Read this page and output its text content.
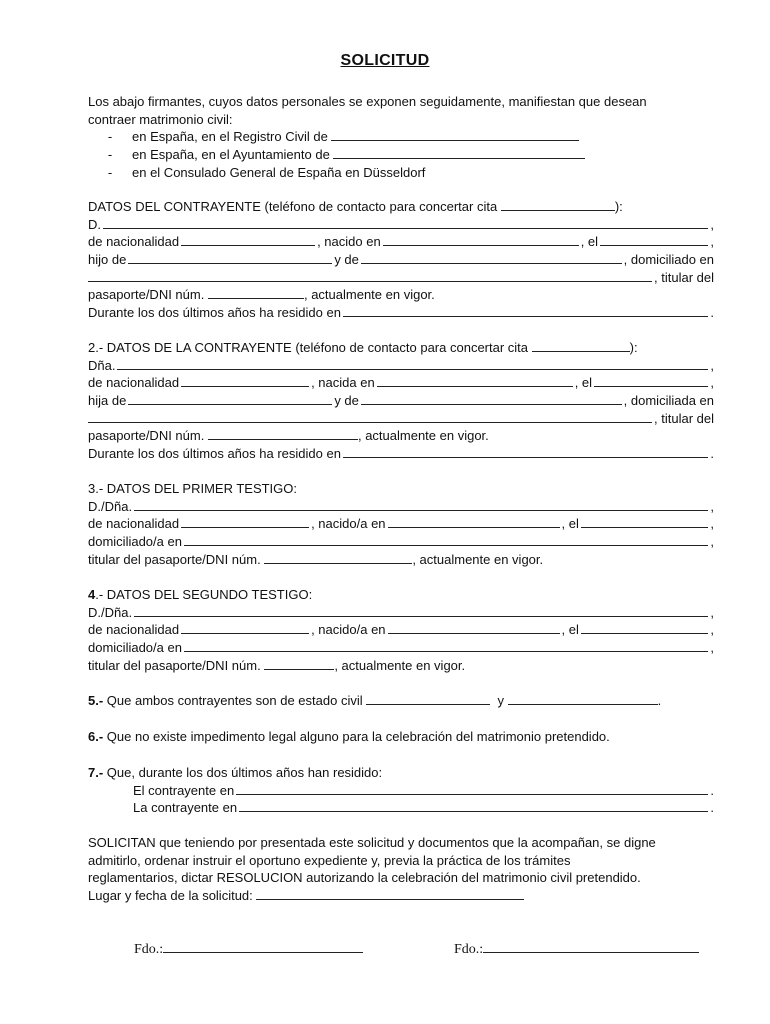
SOLICITUD
Los abajo firmantes, cuyos datos personales se exponen seguidamente, manifiestan que desean
contraer matrimonio civil:
-	en España, en el Registro Civil de

-	en España, en el Ayuntamiento de

-	en el Consulado General de España en Düsseldorf
DATOS DEL CONTRAYENTE (teléfono de contacto para concertar cita	):
D.	,
de nacionalidad	, nacido en	, el	,
hijo de	y de	, domiciliado en
, titular del
pasaporte/DNI núm.	, actualmente en vigor.
Durante los dos últimos años ha residido en	.
2.- DATOS DE LA CONTRAYENTE (teléfono de contacto para concertar cita	):
Dña.	,
de nacionalidad	, nacida en	, el	,
hija de	y de	, domiciliada en
, titular del
pasaporte/DNI núm.	, actualmente en vigor.
Durante los dos últimos años ha residido en	.
3.- DATOS DEL PRIMER TESTIGO:
D./Dña.	,
de nacionalidad	, nacido/a en	, el	,
domiciliado/a en	,
titular del pasaporte/DNI núm.	, actualmente en vigor.
4.- DATOS DEL SEGUNDO TESTIGO:
D./Dña.	,
de nacionalidad	, nacido/a en	, el	,
domiciliado/a en	,
titular del pasaporte/DNI núm.	, actualmente en vigor.
5.- Que ambos contrayentes son de estado civil	y	.
6.- Que no existe impedimento legal alguno para la celebración del matrimonio pretendido.
7.- Que, durante los dos últimos años han residido:
El contrayente en	.
La contrayente en	.
SOLICITAN que teniendo por presentada este solicitud y documentos que la acompañan, se digne
admitirlo, ordenar instruir el oportuno expediente y, previa la práctica de los trámites
reglamentarios, dictar RESOLUCION autorizando la celebración del matrimonio civil pretendido.
Lugar y fecha de la solicitud:
Fdo.:	Fdo.:
